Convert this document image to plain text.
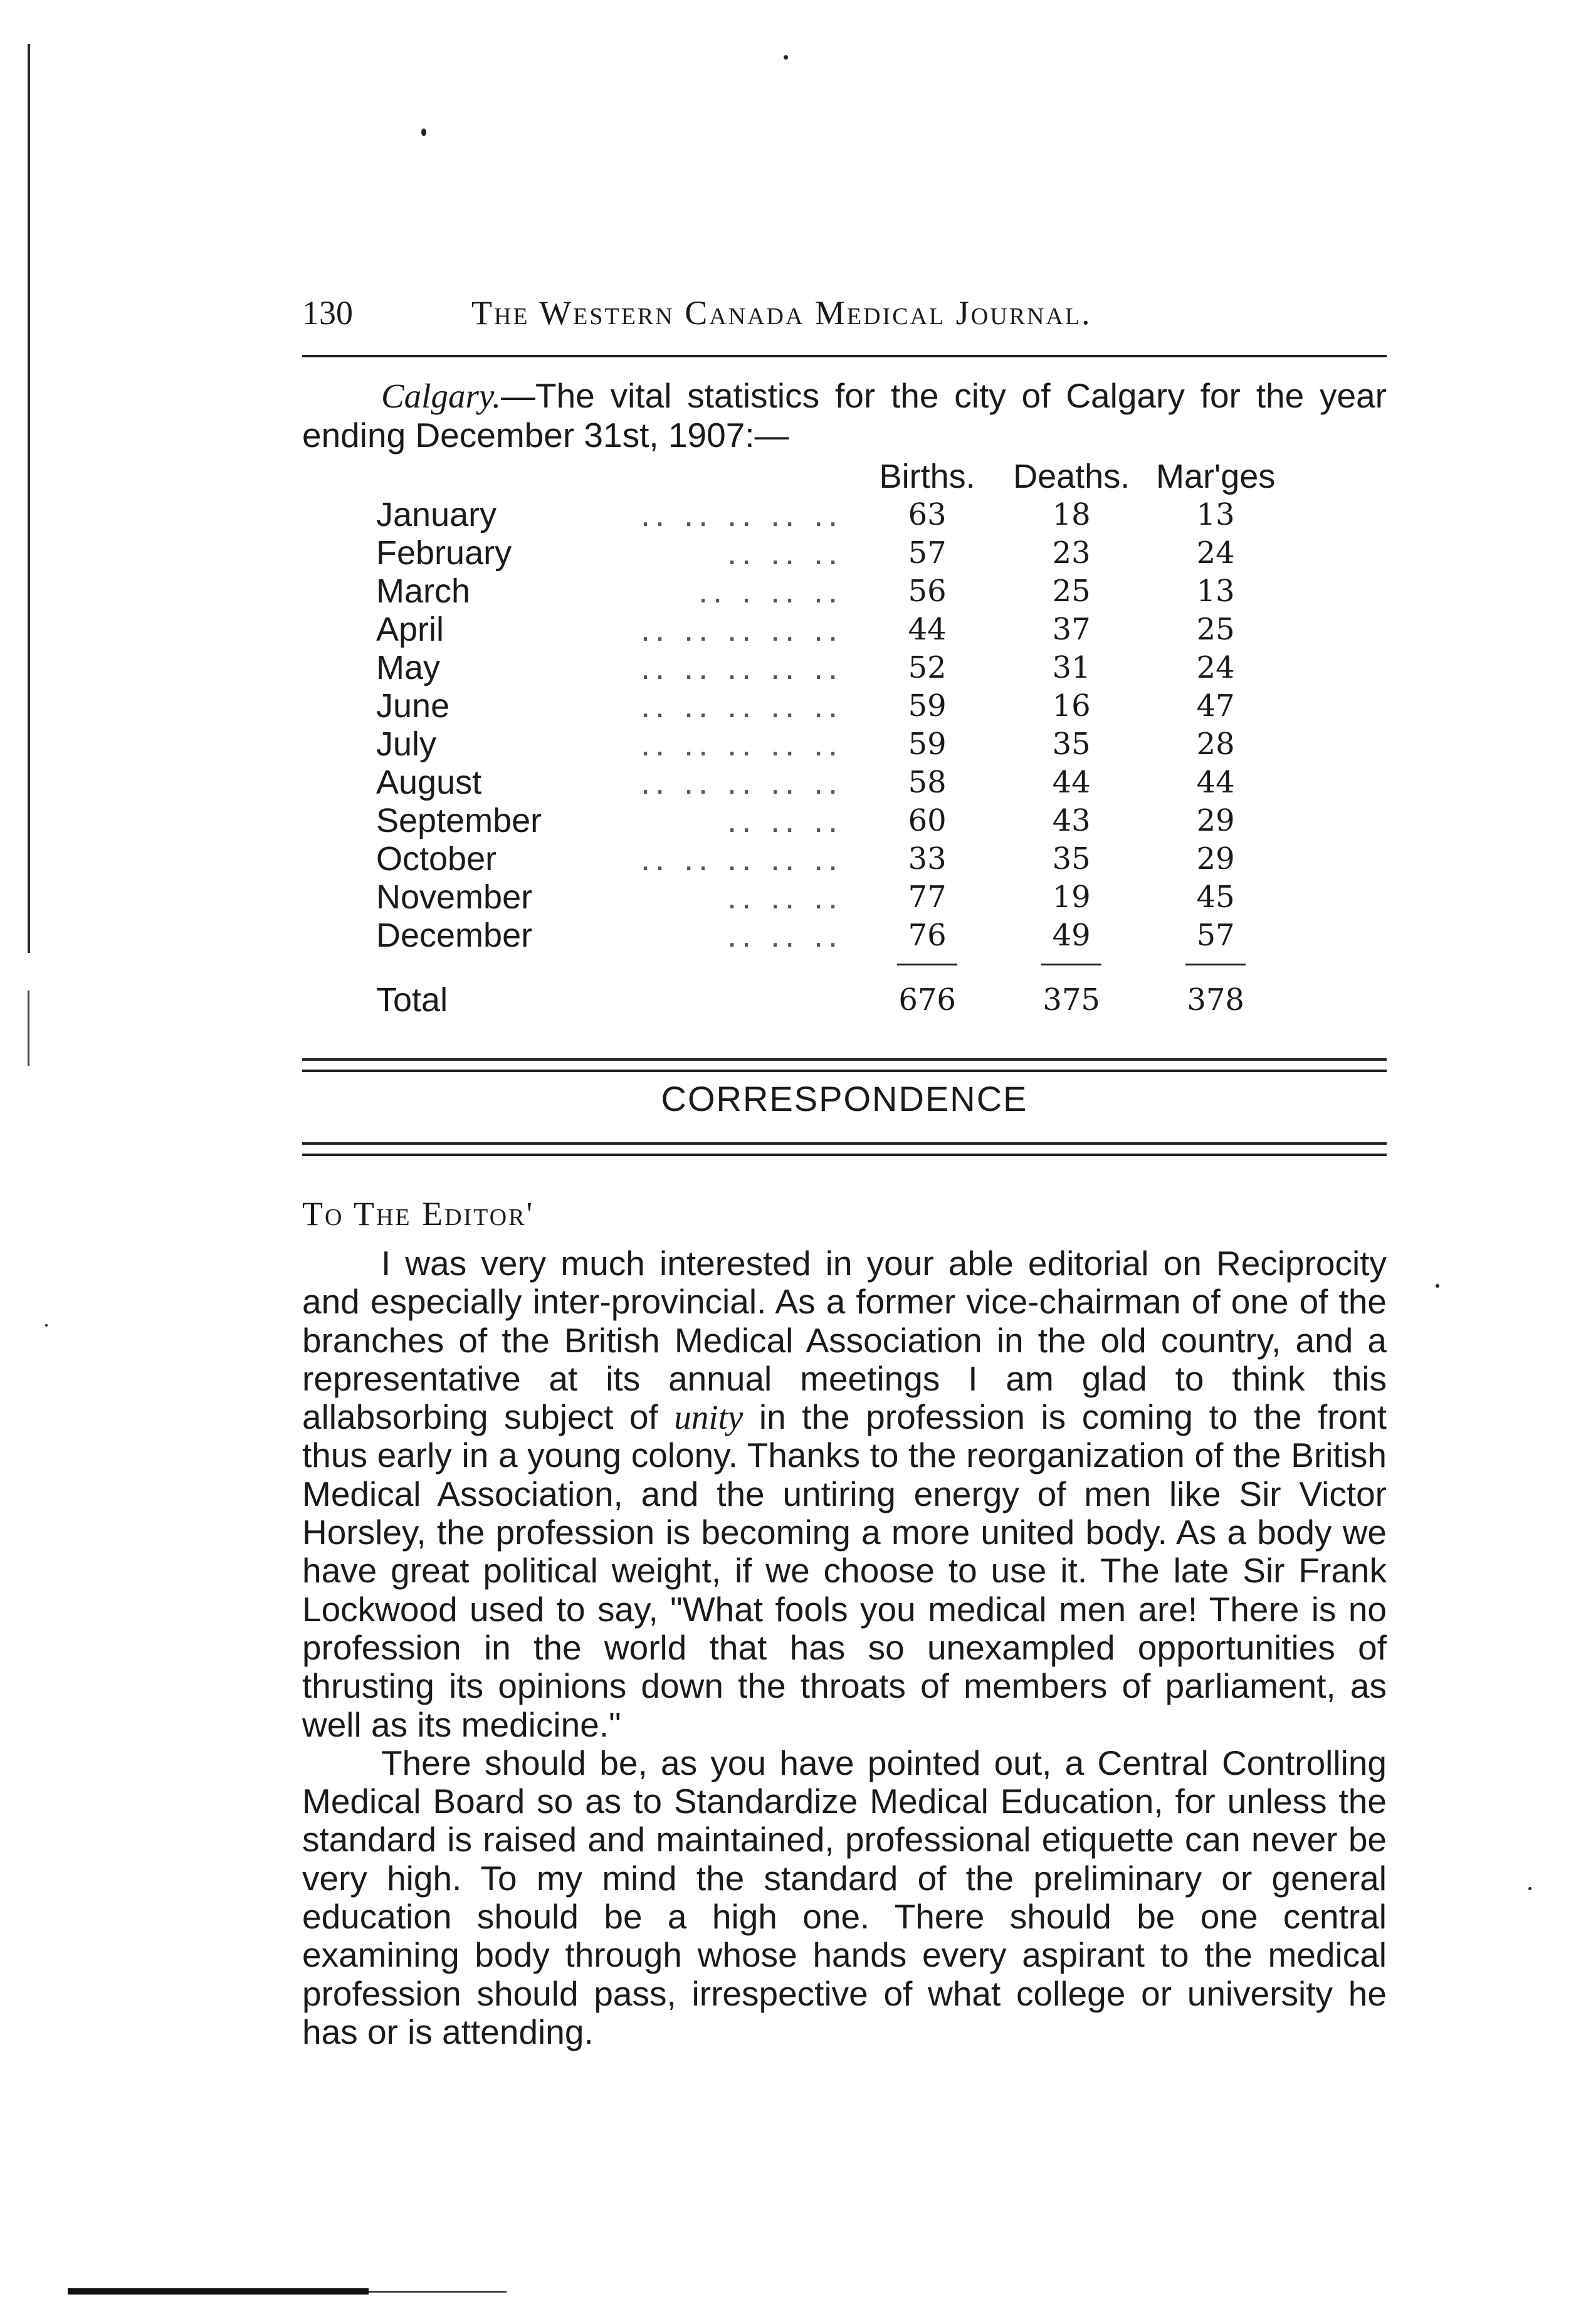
130	The Western Canada Medical Journal.
Calgary.—The vital statistics for the city of Calgary for the year ending December 31st, 1907:—
		Births.	Deaths.	Mar'ges
January	.. .. .. .. ..	63	18	13
February	.. .. ..	57	23	24
March	.. . .. ..	56	25	13
April	.. .. .. .. ..	44	37	25
May	.. .. .. .. ..	52	31	24
June	.. .. .. .. ..	59	16	47
July	.. .. .. .. ..	59	35	28
August	.. .. .. .. ..	58	44	44
September	.. .. ..	60	43	29
October	.. .. .. .. ..	33	35	29
November	.. .. ..	77	19	45
December	.. .. ..	76	49	57

Total		676	375	378
CORRESPONDENCE
To The Editor'

I was very much interested in your able editorial on Reciprocity and especially inter-provincial. As a former vice-chairman of one of the branches of the British Medical Association in the old country, and a representative at its annual meetings I am glad to think this allabsorbing subject of unity in the profession is coming to the front thus early in a young colony. Thanks to the reorganization of the British Medical Association, and the untiring energy of men like Sir Victor Horsley, the profession is becoming a more united body. As a body we have great political weight, if we choose to use it. The late Sir Frank Lockwood used to say, "What fools you medical men are! There is no profession in the world that has so unexampled opportunities of thrusting its opinions down the throats of members of parliament, as well as its medicine."

There should be, as you have pointed out, a Central Controlling Medical Board so as to Standardize Medical Education, for unless the standard is raised and maintained, professional etiquette can never be very high. To my mind the standard of the preliminary or general education should be a high one. There should be one central examining body through whose hands every aspirant to the medical profession should pass, irrespective of what college or university he has or is attending.
